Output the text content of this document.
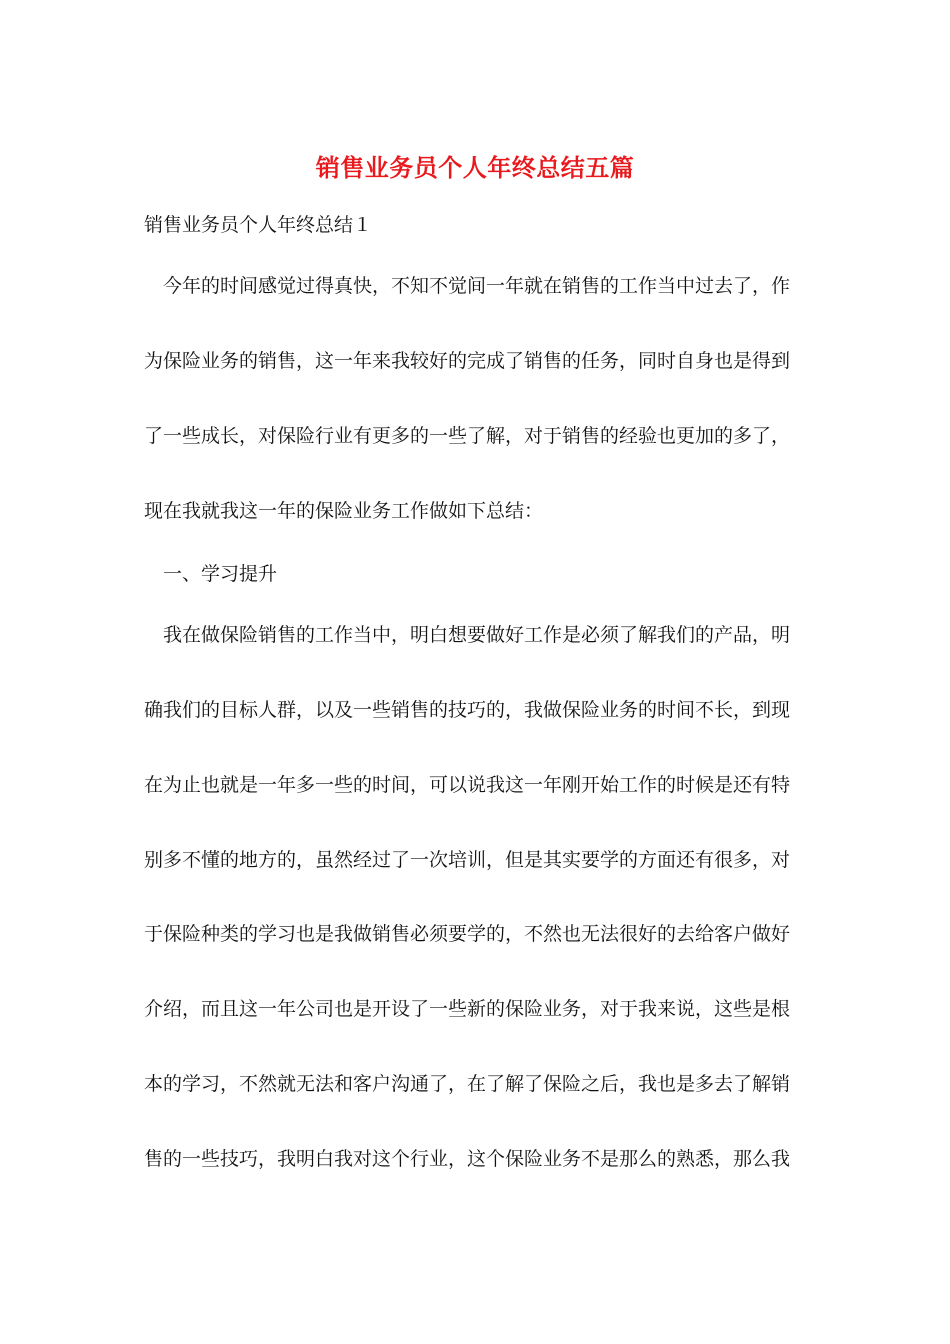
销售业务员个人年终总结五篇
销售业务员个人年终总结１
今年的时间感觉过得真快，不知不觉间一年就在销售的工作当中过去了，作
为保险业务的销售，这一年来我较好的完成了销售的任务，同时自身也是得到
了一些成长，对保险行业有更多的一些了解，对于销售的经验也更加的多了，
现在我就我这一年的保险业务工作做如下总结：
一、学习提升
我在做保险销售的工作当中，明白想要做好工作是必须了解我们的产品，明
确我们的目标人群，以及一些销售的技巧的，我做保险业务的时间不长，到现
在为止也就是一年多一些的时间，可以说我这一年刚开始工作的时候是还有特
别多不懂的地方的，虽然经过了一次培训，但是其实要学的方面还有很多，对
于保险种类的学习也是我做销售必须要学的，不然也无法很好的去给客户做好
介绍，而且这一年公司也是开设了一些新的保险业务，对于我来说，这些是根
本的学习，不然就无法和客户沟通了，在了解了保险之后，我也是多去了解销
售的一些技巧，我明白我对这个行业，这个保险业务不是那么的熟悉，那么我
